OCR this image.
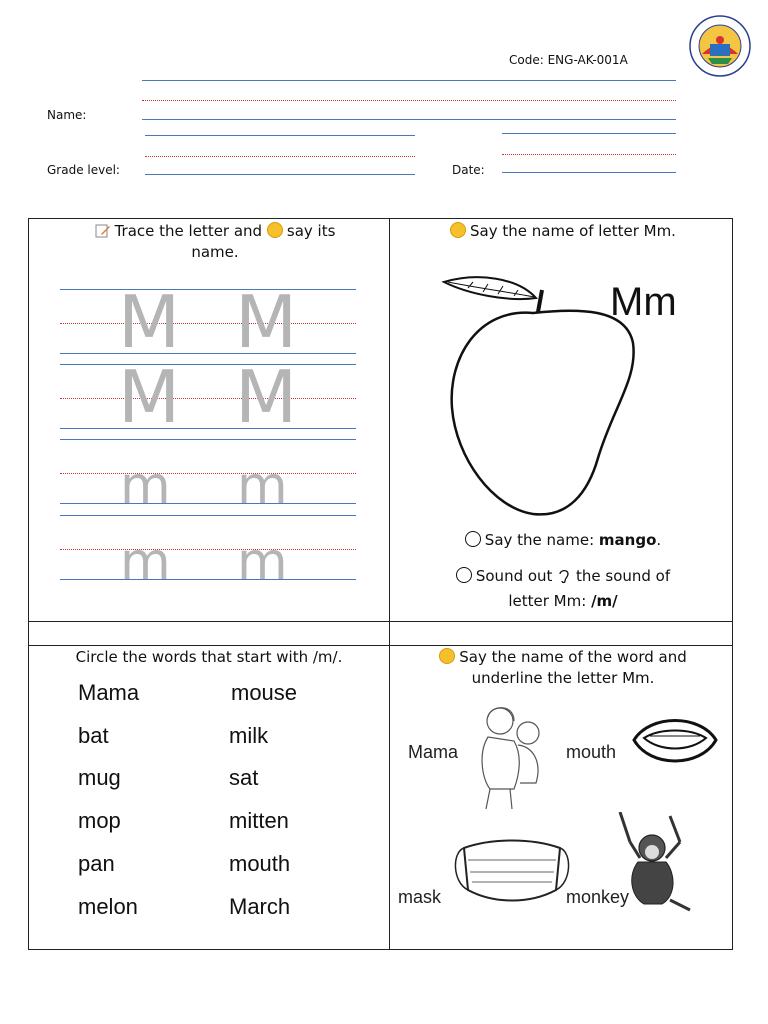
Code: ENG-AK-001A
Name:
Grade level:	Date:
Trace the letter and say its
name.
M M
M M
m m
m m
Say the name of letter Mm.
Mm
Say the name: mango.
Sound out the sound of
letter Mm: /m/
Circle the words that start with /m/.
Mama
bat
mug
mop
pan
melon
mouse
milk
sat
mitten
mouth
March
Say the name of the word and
underline the letter Mm.
Mama	mouth
mask	monkey
